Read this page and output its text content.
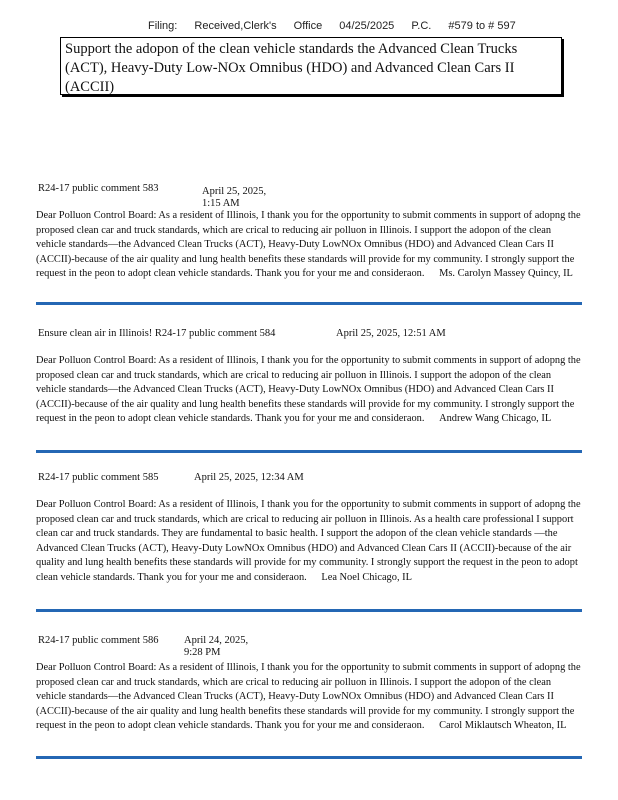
Filing: Received,Clerk's Office 04/25/2025 P.C. #579 to # 597
Support the adopon of the clean vehicle standards the Advanced Clean Trucks (ACT), Heavy-Duty Low-NOx Omnibus (HDO) and Advanced Clean Cars II (ACCII)
R24-17 public comment 583	April 25, 2025,
1:15 AM
Dear Polluon Control Board: As a resident of Illinois, I thank you for the opportunity to submit comments in support of adopng the proposed clean car and truck standards, which are crical to reducing air polluon in Illinois. I support the adopon of the clean vehicle standards—the Advanced Clean Trucks (ACT), Heavy-Duty LowNOx Omnibus (HDO) and Advanced Clean Cars II (ACCII)-because of the air quality and lung health benefits these standards will provide for my community. I strongly support the request in the peon to adopt clean vehicle standards. Thank you for your me and consideraon. Ms. Carolyn Massey Quincy, IL
Ensure clean air in Illinois! R24-17 public comment 584	April 25, 2025, 12:51 AM
Dear Polluon Control Board: As a resident of Illinois, I thank you for the opportunity to submit comments in support of adopng the proposed clean car and truck standards, which are crical to reducing air polluon in Illinois. I support the adopon of the clean vehicle standards—the Advanced Clean Trucks (ACT), Heavy-Duty LowNOx Omnibus (HDO) and Advanced Clean Cars II (ACCII)-because of the air quality and lung health benefits these standards will provide for my community. I strongly support the request in the peon to adopt clean vehicle standards. Thank you for your me and consideraon. Andrew Wang Chicago, IL
R24-17 public comment 585	April 25, 2025, 12:34 AM
Dear Polluon Control Board: As a resident of Illinois, I thank you for the opportunity to submit comments in support of adopng the proposed clean car and truck standards, which are crical to reducing air polluon in Illinois. As a health care professional I support clean car and truck standards. They are fundamental to basic health. I support the adopon of the clean vehicle standards —the Advanced Clean Trucks (ACT), Heavy-Duty LowNOx Omnibus (HDO) and Advanced Clean Cars II (ACCII)-because of the air quality and lung health benefits these standards will provide for my community. I strongly support the request in the peon to adopt clean vehicle standards. Thank you for your me and consideraon. Lea Noel Chicago, IL
R24-17 public comment 586 April 24, 2025,
9:28 PM
Dear Polluon Control Board: As a resident of Illinois, I thank you for the opportunity to submit comments in support of adopng the proposed clean car and truck standards, which are crical to reducing air polluon in Illinois. I support the adopon of the clean vehicle standards—the Advanced Clean Trucks (ACT), Heavy-Duty LowNOx Omnibus (HDO) and Advanced Clean Cars II (ACCII)-because of the air quality and lung health benefits these standards will provide for my community. I strongly support the request in the peon to adopt clean vehicle standards. Thank you for your me and consideraon. Carol Miklautsch Wheaton, IL
